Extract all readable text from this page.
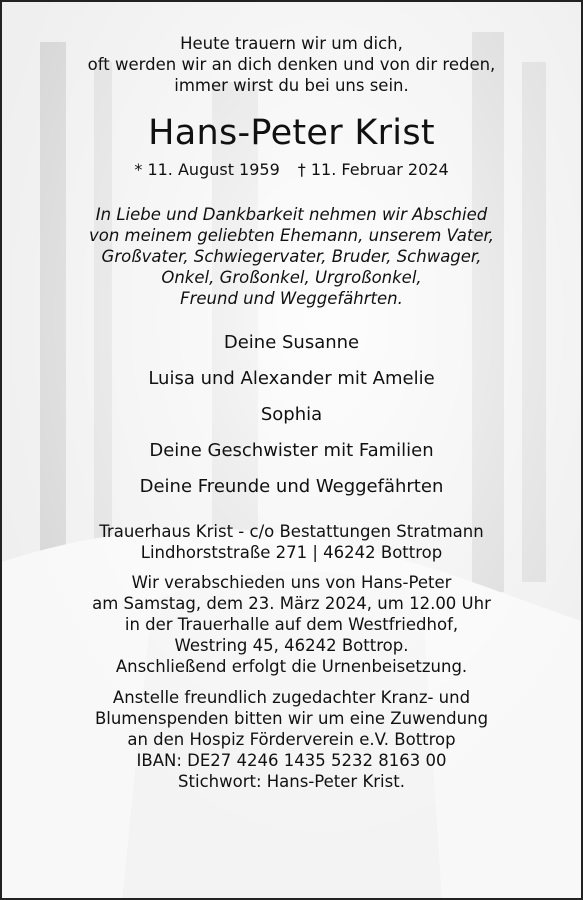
Heute trauern wir um dich,

oft werden wir an dich denken und von dir reden,

immer wirst du bei uns sein.

Hans-Peter Krist
* 11. August 1959 † 11. Februar 2024

In Liebe und Dankbarkeit nehmen wir Abschied

von meinem geliebten Ehemann, unserem Vater,

Großvater, Schwiegervater, Bruder, Schwager,

Onkel, Großonkel, Urgroßonkel,

Freund und Weggefährten.

Deine Susanne

Luisa und Alexander mit Amelie

Sophia

Deine Geschwister mit Familien

Deine Freunde und Weggefährten

Trauerhaus Krist - c/o Bestattungen Stratmann

Lindhorststraße 271 | 46242 Bottrop

Wir verabschieden uns von Hans-Peter

am Samstag, dem 23. März 2024, um 12.00 Uhr

in der Trauerhalle auf dem Westfriedhof,

Westring 45, 46242 Bottrop.

Anschließend erfolgt die Urnenbeisetzung.

Anstelle freundlich zugedachter Kranz- und

Blumenspenden bitten wir um eine Zuwendung

an den Hospiz Förderverein e.V. Bottrop

IBAN: DE27 4246 1435 5232 8163 00

Stichwort: Hans-Peter Krist.
